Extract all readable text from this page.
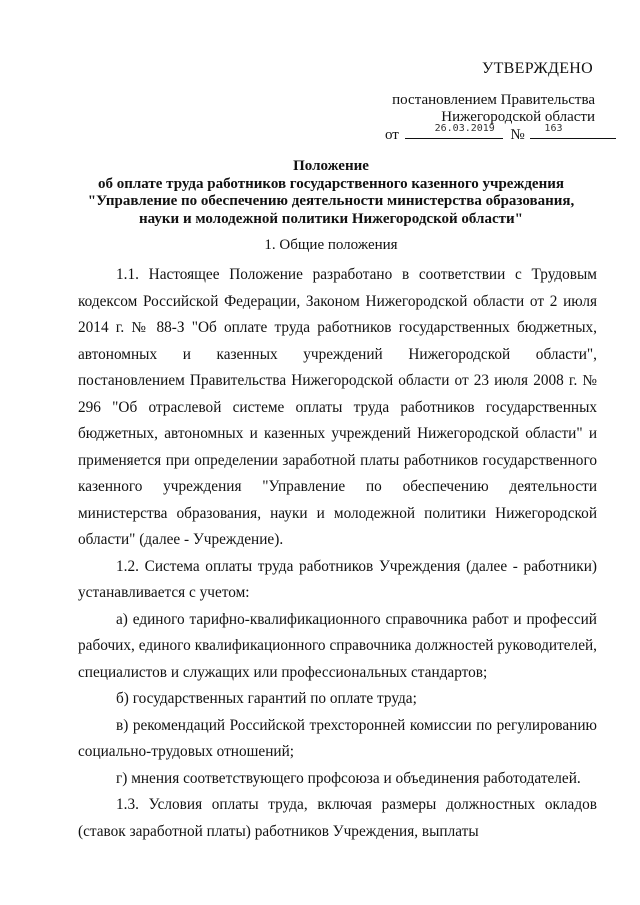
УТВЕРЖДЕНО
постановлением Правительства
Нижегородской области
от	26.03.2019 № 163
Положение
об оплате труда работников государственного казенного учреждения
"Управление по обеспечению деятельности министерства образования,
науки и молодежной политики Нижегородской области"
1. Общие положения

1.1. Настоящее Положение разработано в соответствии с Трудовым кодексом Российской Федерации, Законом Нижегородской области от 2 июля 2014 г. № 88-З "Об оплате труда работников государственных бюджетных, автономных и казенных учреждений Нижегородской области", постановлением Правительства Нижегородской области от 23 июля 2008 г. № 296 "Об отраслевой системе оплаты труда работников государственных бюджетных, автономных и казенных учреждений Нижегородской области" и применяется при определении заработной платы работников государственного казенного учреждения "Управление по обеспечению деятельности министерства образования, науки и молодежной политики Нижегородской области" (далее - Учреждение).

1.2. Система оплаты труда работников Учреждения (далее - работники) устанавливается с учетом:

а) единого тарифно-квалификационного справочника работ и профессий рабочих, единого квалификационного справочника должностей руководителей, специалистов и служащих или профессиональных стандартов;

б) государственных гарантий по оплате труда;

в) рекомендаций Российской трехсторонней комиссии по регулированию социально-трудовых отношений;

г) мнения соответствующего профсоюза и объединения работодателей.

1.3. Условия оплаты труда, включая размеры должностных окладов (ставок заработной платы) работников Учреждения, выплаты
